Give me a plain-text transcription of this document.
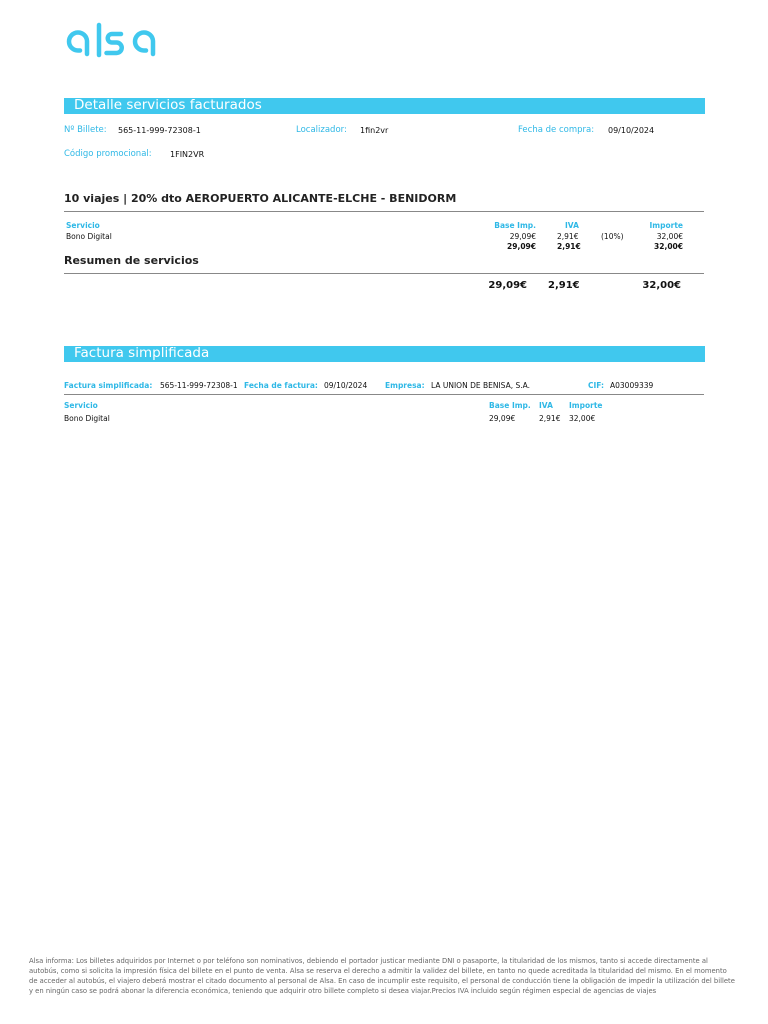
Detalle servicios facturados
Nº Billete: 565-11-999-72308-1	Localizador: 1fin2vr	Fecha de compra: 09/10/2024
Código promocional: 1FIN2VR
10 viajes | 20% dto AEROPUERTO ALICANTE-ELCHE - BENIDORM
Servicio	Base Imp.	IVA	Importe
Bono Digital	29,09€	2,91€	(10%)	32,00€
29,09€	2,91€	32,00€
Resumen de servicios
29,09€ 2,91€	32,00€
Factura simplificada
Factura simplificada: 565-11-999-72308-1 Fecha de factura: 09/10/2024 Empresa: LA UNION DE BENISA, S.A.	CIF: A03009339
Servicio	Base Imp. IVA Importe
Bono Digital	29,09€	2,91€ 32,00€
Alsa informa: Los billetes adquiridos por Internet o por teléfono son nominativos, debiendo el portador justicar mediante DNI o pasaporte, la titularidad de los mismos, tanto si accede directamente al autobús, como si solicita la impresión física del billete en el punto de venta. Alsa se reserva el derecho a admitir la validez del billete, en tanto no quede acreditada la titularidad del mismo. En el momento de acceder al autobús, el viajero deberá mostrar el citado documento al personal de Alsa. En caso de incumplir este requisito, el personal de conducción tiene la obligación de impedir la utilización del billete y en ningún caso se podrá abonar la diferencia económica, teniendo que adquirir otro billete completo si desea viajar.Precios IVA incluido según régimen especial de agencias de viajes
